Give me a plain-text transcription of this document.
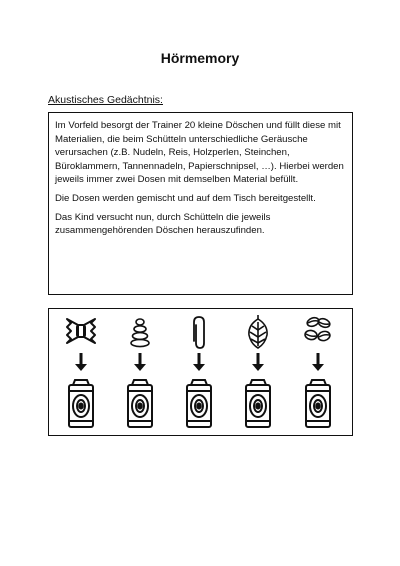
Hörmemory
Akustisches Gedächtnis:

Im Vorfeld besorgt der Trainer 20 kleine Döschen und füllt diese mit Materialien, die beim Schütteln unterschiedliche Geräusche verursachen (z.B. Nudeln, Reis, Holzperlen, Steinchen, Büroklammern, Tannennadeln, Papierschnipsel, …). Hierbei werden jeweils immer zwei Dosen mit demselben Material befüllt.

Die Dosen werden gemischt und auf dem Tisch bereitgestellt.

Das Kind versucht nun, durch Schütteln die jeweils zusammengehörenden Döschen herauszufinden.
